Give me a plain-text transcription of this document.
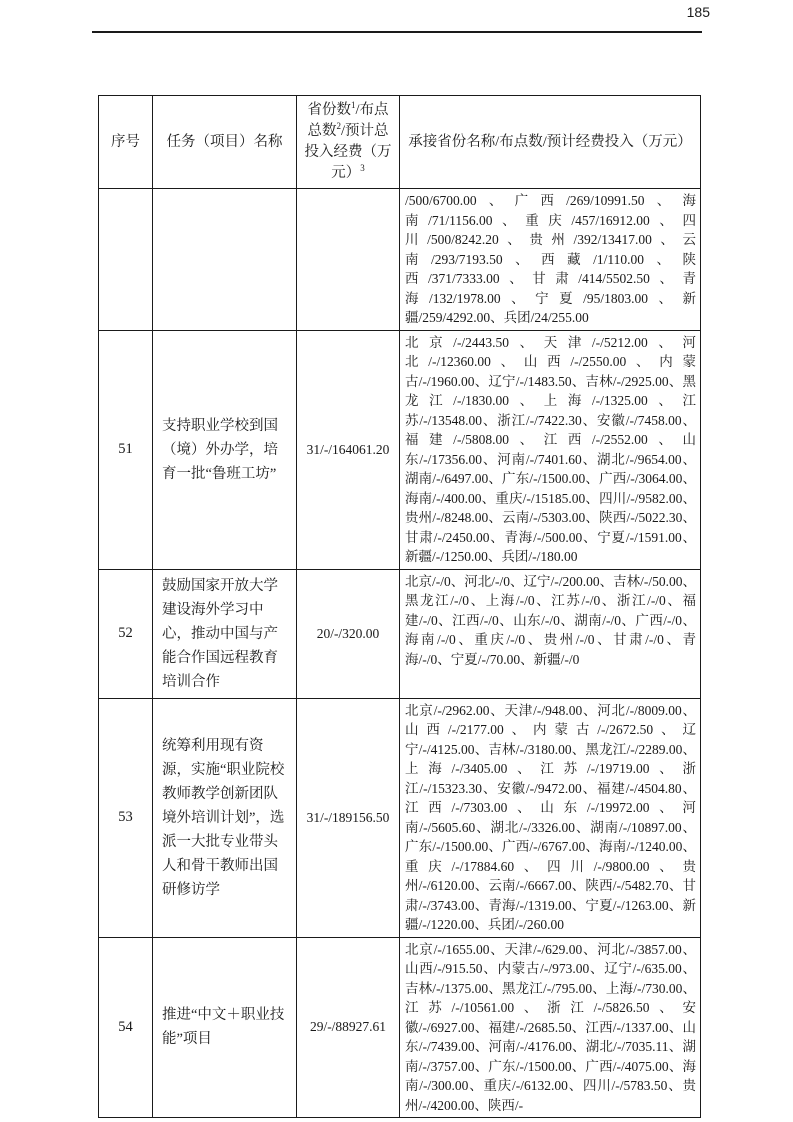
185
序号	任务（项目）名称	省份数$^1$/布点总数$^2$/预计总投入经费（万元）$^3$	承接省份名称/布点数/预计经费投入（万元）
			/500/6700.00、广西/269/10991.50、海南/71/1156.00、重庆/457/16912.00、四川/500/8242.20、贵州/392/13417.00、云南/293/7193.50、西藏/1/110.00、陕西/371/7333.00、甘肃/414/5502.50、青海/132/1978.00、宁夏/95/1803.00、新疆/259/4292.00、兵团/24/255.00
51	支持职业学校到国（境）外办学，培育一批“鲁班工坊”	31/-/164061.20	北京/-/2443.50、天津/-/5212.00、河北/-/12360.00、山西/-/2550.00、内蒙古/-/1960.00、辽宁/-/1483.50、吉林/-/2925.00、黑龙江/-/1830.00、上海/-/1325.00、江苏/-/13548.00、浙江/-/7422.30、安徽/-/7458.00、福建/-/5808.00、江西/-/2552.00、山东/-/17356.00、河南/-/7401.60、湖北/-/9654.00、湖南/-/6497.00、广东/-/1500.00、广西/-/3064.00、海南/-/400.00、重庆/-/15185.00、四川/-/9582.00、贵州/-/8248.00、云南/-/5303.00、陕西/-/5022.30、甘肃/-/2450.00、青海/-/500.00、宁夏/-/1591.00、新疆/-/1250.00、兵团/-/180.00
52	鼓励国家开放大学建设海外学习中心，推动中国与产能合作国远程教育培训合作	20/-/320.00	北京/-/0、河北/-/0、辽宁/-/200.00、吉林/-/50.00、黑龙江/-/0、上海/-/0、江苏/-/0、浙江/-/0、福建/-/0、江西/-/0、山东/-/0、湖南/-/0、广西/-/0、海南/-/0、重庆/-/0、贵州/-/0、甘肃/-/0、青海/-/0、宁夏/-/70.00、新疆/-/0
53	统筹利用现有资源，实施“职业院校教师教学创新团队境外培训计划”，选派一大批专业带头人和骨干教师出国研修访学	31/-/189156.50	北京/-/2962.00、天津/-/948.00、河北/-/8009.00、山西/-/2177.00、内蒙古/-/2672.50、辽宁/-/4125.00、吉林/-/3180.00、黑龙江/-/2289.00、上海/-/3405.00、江苏/-/19719.00、浙江/-/15323.30、安徽/-/9472.00、福建/-/4504.80、江西/-/7303.00、山东/-/19972.00、河南/-/5605.60、湖北/-/3326.00、湖南/-/10897.00、广东/-/1500.00、广西/-/6767.00、海南/-/1240.00、重庆/-/17884.60、四川/-/9800.00、贵州/-/6120.00、云南/-/6667.00、陕西/-/5482.70、甘肃/-/3743.00、青海/-/1319.00、宁夏/-/1263.00、新疆/-/1220.00、兵团/-/260.00
54	推进“中文＋职业技能”项目	29/-/88927.61	北京/-/1655.00、天津/-/629.00、河北/-/3857.00、山西/-/915.50、内蒙古/-/973.00、辽宁/-/635.00、吉林/-/1375.00、黑龙江/-/795.00、上海/-/730.00、江苏/-/10561.00、浙江/-/5826.50、安徽/-/6927.00、福建/-/2685.50、江西/-/1337.00、山东/-/7439.00、河南/-/4176.00、湖北/-/7035.11、湖南/-/3757.00、广东/-/1500.00、广西/-/4075.00、海南/-/300.00、重庆/-/6132.00、四川/-/5783.50、贵州/-/4200.00、陕西/-
